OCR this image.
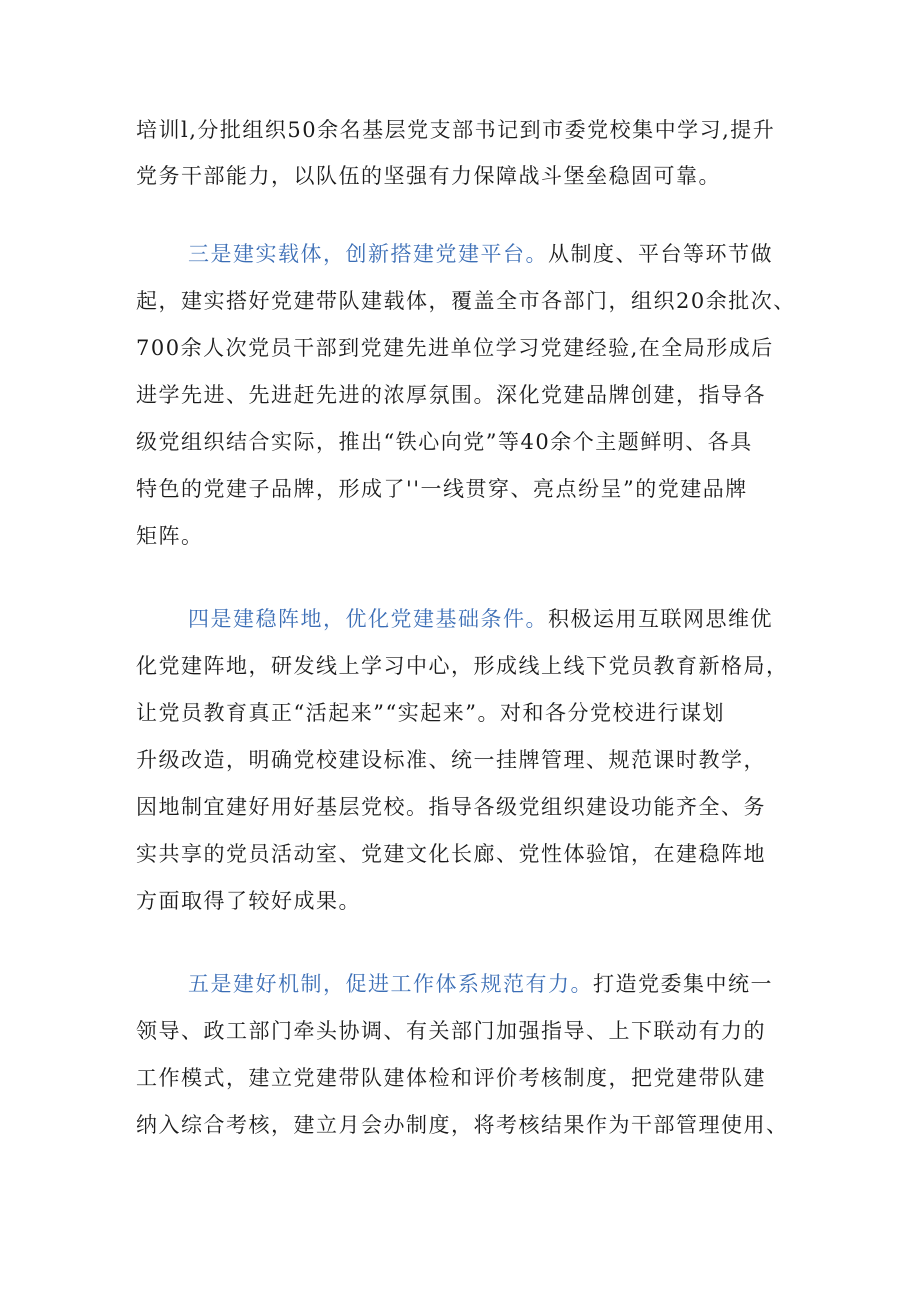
培训l,分批组织50余名基层党支部书记到市委党校集中学习,提升
党务干部能力，以队伍的坚强有力保障战斗堡垒稳固可靠。
三是建实载体，创新搭建党建平台。从制度、平台等环节做
起，建实搭好党建带队建载体，覆盖全市各部门，组织20余批次、
700余人次党员干部到党建先进单位学习党建经验,在全局形成后
进学先进、先进赶先进的浓厚氛围。深化党建品牌创建，指导各
级党组织结合实际，推出“铁心向党”等40余个主题鲜明、各具
特色的党建子品牌，形成了''一线贯穿、亮点纷呈”的党建品牌
矩阵。
四是建稳阵地，优化党建基础条件。积极运用互联网思维优
化党建阵地，研发线上学习中心，形成线上线下党员教育新格局，
让党员教育真正“活起来”“实起来”。对和各分党校进行谋划
升级改造，明确党校建设标准、统一挂牌管理、规范课时教学，
因地制宜建好用好基层党校。指导各级党组织建设功能齐全、务
实共享的党员活动室、党建文化长廊、党性体验馆，在建稳阵地
方面取得了较好成果。
五是建好机制，促进工作体系规范有力。打造党委集中统一
领导、政工部门牵头协调、有关部门加强指导、上下联动有力的
工作模式，建立党建带队建体检和评价考核制度，把党建带队建
纳入综合考核，建立月会办制度，将考核结果作为干部管理使用、
